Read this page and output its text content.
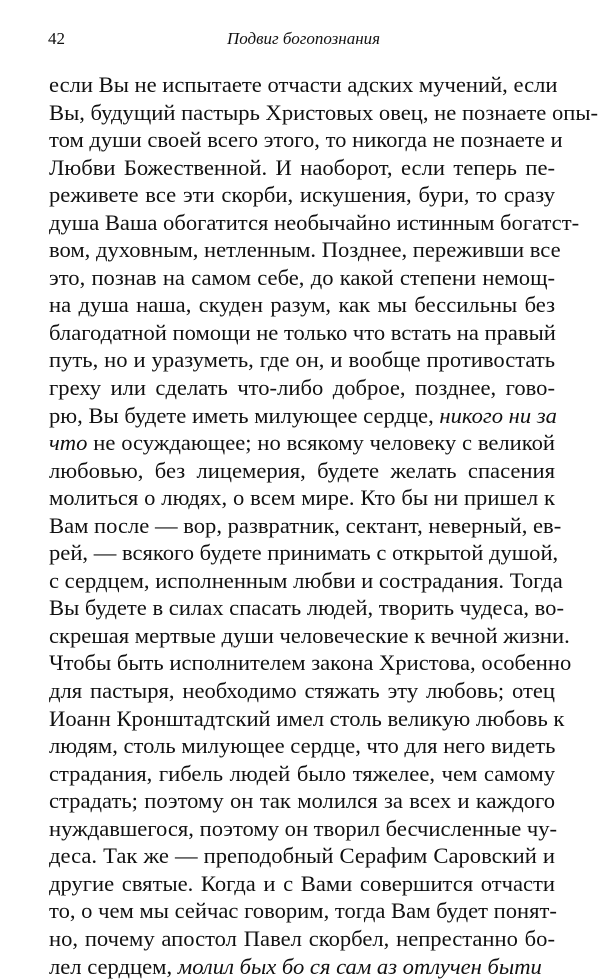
42	Подвиг богопознания
если Вы не испытаете отчасти адских мучений, если
Вы, будущий пастырь Христовых овец, не познаете опы-
том души своей всего этого, то никогда не познаете и
Любви Божественной. И наоборот, если теперь пе-
реживете все эти скорби, искушения, бури, то сразу
душа Ваша обогатится необычайно истинным богатст-
вом, духовным, нетленным. Позднее, переживши все
это, познав на самом себе, до какой степени немощ-
на душа наша, скуден разум, как мы бессильны без
благодатной помощи не только что встать на правый
путь, но и уразуметь, где он, и вообще противостать
греху или сделать что-либо доброе, позднее, гово-
рю, Вы будете иметь милующее сердце, никого ни за
что не осуждающее; но всякому человеку с великой
любовью, без лицемерия, будете желать спасения
молиться о людях, о всем мире. Кто бы ни пришел к
Вам после — вор, развратник, сектант, неверный, ев-
рей, — всякого будете принимать с открытой душой,
с сердцем, исполненным любви и сострадания. Тогда
Вы будете в силах спасать людей, творить чудеса, во-
скрешая мертвые души человеческие к вечной жизни.
Чтобы быть исполнителем закона Христова, особенно
для пастыря, необходимо стяжать эту любовь; отец
Иоанн Кронштадтский имел столь великую любовь к
людям, столь милующее сердце, что для него видеть
страдания, гибель людей было тяжелее, чем самому
страдать; поэтому он так молился за всех и каждого
нуждавшегося, поэтому он творил бесчисленные чу-
деса. Так же — преподобный Серафим Саровский и
другие святые. Когда и с Вами совершится отчасти
то, о чем мы сейчас говорим, тогда Вам будет понят-
но, почему апостол Павел скорбел, непрестанно бо-
лел сердцем, молил бых бо ся сам аз отлучен быти
